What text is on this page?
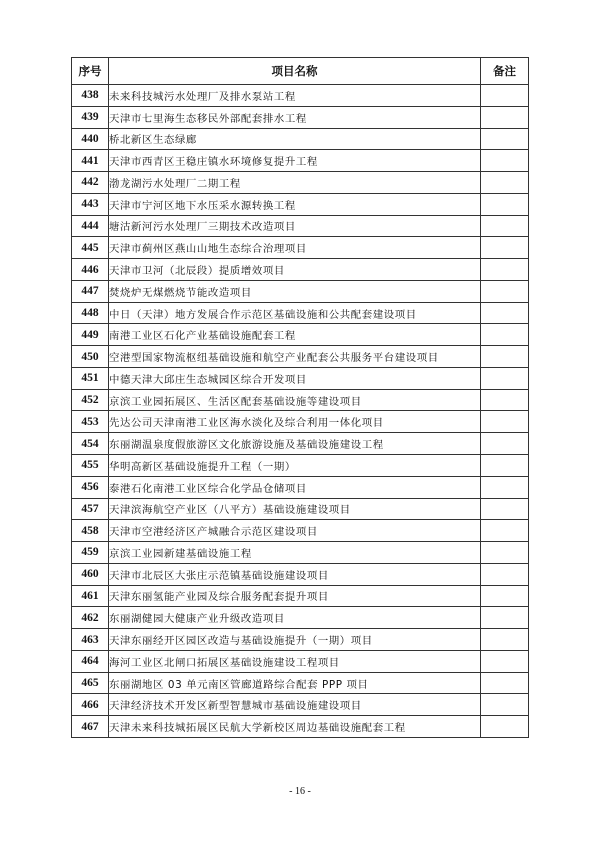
序号	项目名称	备注
438	未来科技城污水处理厂及排水泵站工程	
439	天津市七里海生态移民外部配套排水工程	
440	桥北新区生态绿廊	
441	天津市西青区王稳庄镇水环境修复提升工程	
442	渤龙湖污水处理厂二期工程	
443	天津市宁河区地下水压采水源转换工程	
444	塘沽新河污水处理厂三期技术改造项目	
445	天津市蓟州区燕山山地生态综合治理项目	
446	天津市卫河（北辰段）提质增效项目	
447	焚烧炉无煤燃烧节能改造项目	
448	中日（天津）地方发展合作示范区基础设施和公共配套建设项目	
449	南港工业区石化产业基础设施配套工程	
450	空港型国家物流枢纽基础设施和航空产业配套公共服务平台建设项目	
451	中德天津大邱庄生态城园区综合开发项目	
452	京滨工业园拓展区、生活区配套基础设施等建设项目	
453	先达公司天津南港工业区海水淡化及综合利用一体化项目	
454	东丽湖温泉度假旅游区文化旅游设施及基础设施建设工程	
455	华明高新区基础设施提升工程（一期）	
456	泰港石化南港工业区综合化学品仓储项目	
457	天津滨海航空产业区（八平方）基础设施建设项目	
458	天津市空港经济区产城融合示范区建设项目	
459	京滨工业园新建基础设施工程	
460	天津市北辰区大张庄示范镇基础设施建设项目	
461	天津东丽氢能产业园及综合服务配套提升项目	
462	东丽湖健园大健康产业升级改造项目	
463	天津东丽经开区园区改造与基础设施提升（一期）项目	
464	海河工业区北闸口拓展区基础设施建设工程项目	
465	东丽湖地区 03 单元南区管廊道路综合配套 PPP 项目	
466	天津经济技术开发区新型智慧城市基础设施建设项目	
467	天津未来科技城拓展区民航大学新校区周边基础设施配套工程	
- 16 -
